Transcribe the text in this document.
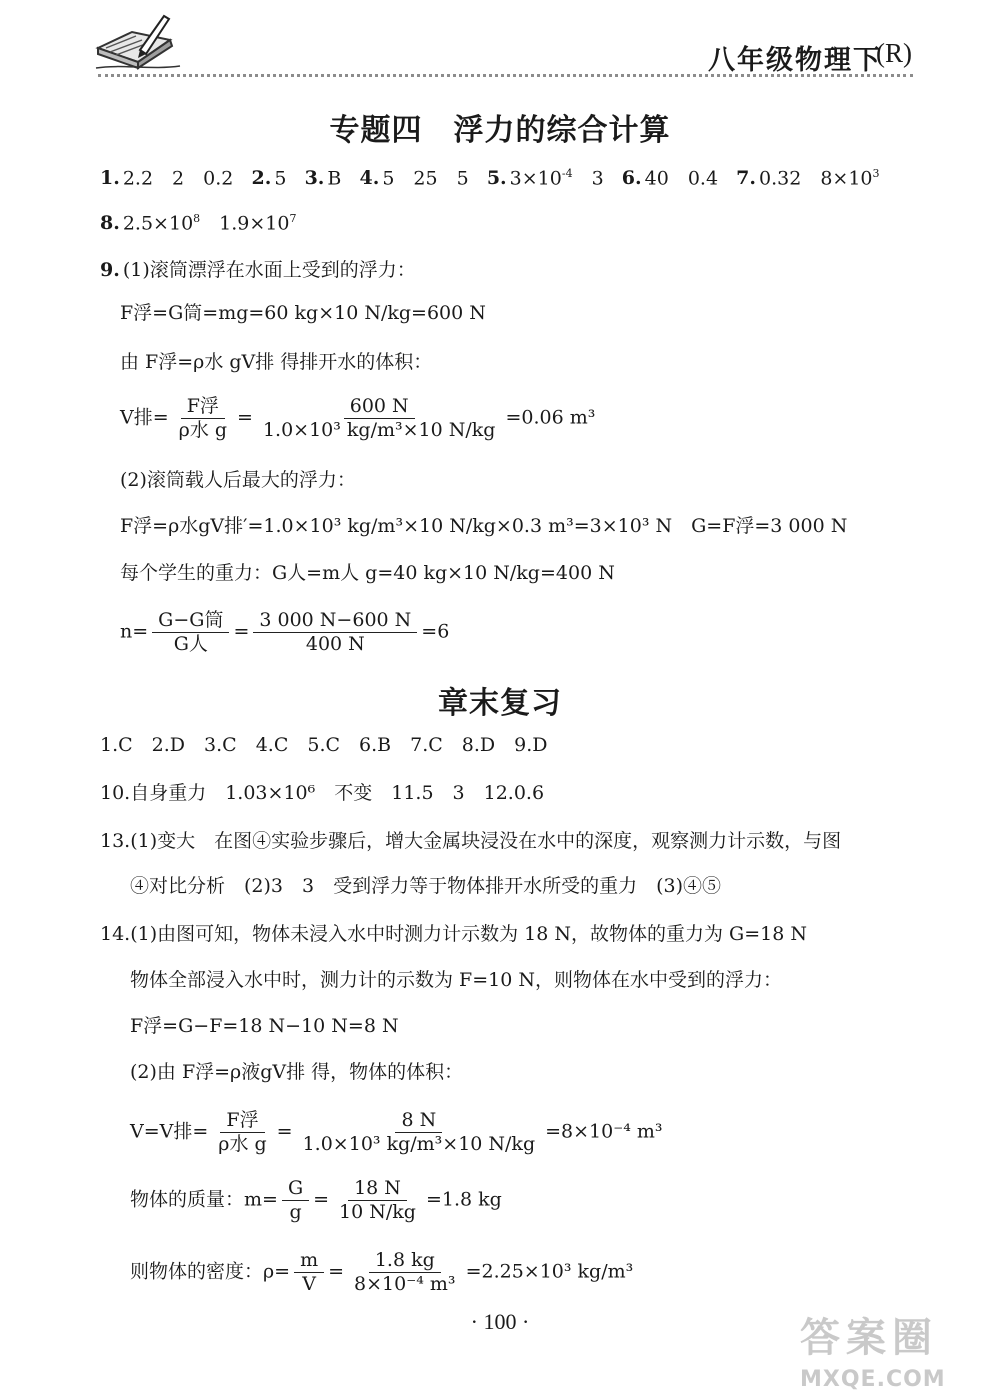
八年级物理下
(R)
专题四　浮力的综合计算
1. 2.2　2　0.2 2. 5 3. B 4. 5　25　5 5. $3\times 10^{-4}$　3 6. 40　0.4 7. 0.32　$8\times 10^3$
8. $2.5\times 10^8$　$1.9\times 10^7$
9. (1)滚筒漂浮在水面上受到的浮力：
F浮=G筒=mg=60 kg×10 N/kg=600 N
由 F浮=ρ水 gV排 得排开水的体积：
V排= $\frac{\text{F浮}}{\text{ρ水 g}} = \frac{600 N}{\text{1.0×10³ kg/m³×10 N/kg}} =0.06$ m³
(2)滚筒载人后最大的浮力：
F浮=ρ水gV排′=1.0×10³ kg/m³×10 N/kg×0.3 m³=3×10³ N　G=F浮=3 000 N
每个学生的重力：G人=m人 g=40 kg×10 N/kg=400 N
$n= \frac{\text{G−G筒}}{\text{G人}} = \frac{3 000 N-600 N}{400 N} =6$
章末复习
1.C　2.D　3.C　4.C　5.C　6.B　7.C　8.D　9.D
10.自身重力　1.03×10⁶　不变　11.5　3　12.0.6
13.(1)变大　在图④实验步骤后，增大金属块浸没在水中的深度，观察测力计示数，与图
④对比分析　(2)3　3　受到浮力等于物体排开水所受的重力　(3)④⑤
14.(1)由图可知，物体未浸入水中时测力计示数为 18 N，故物体的重力为 G=18 N
物体全部浸入水中时，测力计的示数为 F=10 N，则物体在水中受到的浮力：
F浮=G−F=18 N−10 N=8 N
(2)由 F浮=ρ液gV排 得，物体的体积：
V=V排= $\frac{\text{F浮}}{\text{ρ水 g}} = \frac{8 N}{\text{1.0×10³ kg/m³×10 N/kg}} =8\times 10^{-4}$ m³
物体的质量：$m= \frac{G}{g} = \frac{18 N}{10 N/kg} =1.8$ kg
则物体的密度：$\rho= \frac{m}{V} = \frac{1.8 kg}{\text{8×10⁻⁴ m³}} =2.25\times 10^3$ kg/m³
· 100 ·	答案圈
MXQE.COM
